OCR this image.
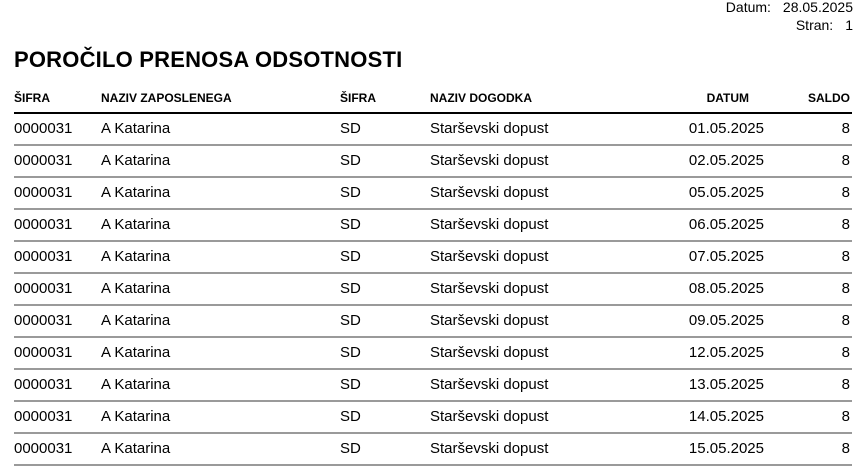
Datum: 28.05.2025
Stran: 1
POROČILO PRENOSA ODSOTNOSTI
ŠIFRA	NAZIV ZAPOSLENEGA	ŠIFRA	NAZIV DOGODKA	DATUM	SALDO
0000031 A Katarina	SD	Starševski dopust	01.05.2025	8
0000031 A Katarina	SD	Starševski dopust	02.05.2025	8
0000031 A Katarina	SD	Starševski dopust	05.05.2025	8
0000031 A Katarina	SD	Starševski dopust	06.05.2025	8
0000031 A Katarina	SD	Starševski dopust	07.05.2025	8
0000031 A Katarina	SD	Starševski dopust	08.05.2025	8
0000031 A Katarina	SD	Starševski dopust	09.05.2025	8
0000031 A Katarina	SD	Starševski dopust	12.05.2025	8
0000031 A Katarina	SD	Starševski dopust	13.05.2025	8
0000031 A Katarina	SD	Starševski dopust	14.05.2025	8
0000031 A Katarina	SD	Starševski dopust	15.05.2025	8
